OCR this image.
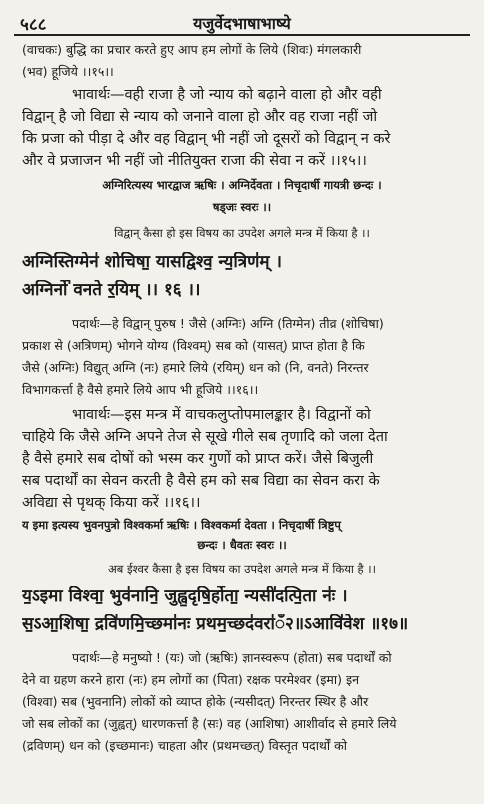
५८८	यजुर्वेदभाषाभाष्ये
(वाचकः) बुद्धि का प्रचार करते हुए आप हम लोगों के लिये (शिवः) मंगलकारी
(भव) हूजिये ।।१५।।
भावार्थः—वही राजा है जो न्याय को बढ़ाने वाला हो और वही
विद्वान् है जो विद्या से न्याय को जनाने वाला हो और वह राजा नहीं जो
कि प्रजा को पीड़ा दे और वह विद्वान् भी नहीं जो दूसरों को विद्वान् न करे
और वे प्रजाजन भी नहीं जो नीतियुक्त राजा की सेवा न करें ।।१५।।
अग्निरित्यस्य भारद्वाज ऋषिः । अग्निर्देवता । निचृदार्षी गायत्री छन्दः ।
षड्जः स्वरः ।।
विद्वान् कैसा हो इस विषय का उपदेश अगले मन्त्र में किया है ।।
अग्निस्तिग्मेन॑ शोचिषा॒ यासद्विश्व॒ न्य॒त्रिण॑म् ।
अग्निर्नो॑ वनते र॒यिम् ।। १६ ।।
पदार्थः—हे विद्वान् पुरुष ! जैसे (अग्निः) अग्नि (तिग्मेन) तीव्र (शोचिषा)
प्रकाश से (अत्रिणम्) भोगने योग्य (विश्वम्) सब को (यासत्) प्राप्त होता है कि
जैसे (अग्निः) विद्युत् अग्नि (नः) हमारे लिये (रयिम्) धन को (नि, वनते) निरन्तर
विभागकर्त्ता है वैसे हमारे लिये आप भी हूजिये ।।१६।।
भावार्थः—इस मन्त्र में वाचकलुप्तोपमालङ्कार है। विद्वानों को
चाहिये कि जैसे अग्नि अपने तेज से सूखे गीले सब तृणादि को जला देता
है वैसे हमारे सब दोषों को भस्म कर गुणों को प्राप्त करें। जैसे बिजुली
सब पदार्थों का सेवन करती है वैसे हम को सब विद्या का सेवन करा के
अविद्या से पृथक् किया करें ।।१६।।
य इमा इत्यस्य भुवनपुत्रो विश्वकर्मा ऋषिः । विश्वकर्मा देवता । निचृदार्षी त्रिष्टुप्
छन्दः । धैवतः स्वरः ।।
अब ईश्वर कैसा है इस विषय का उपदेश अगले मन्त्र में किया है ।।
य॒ऽइमा विश्वा॒ भुव॑नानि॒ जुह्व॒दृषि॒र्होता॒ न्यसी॑दत्पि॒ता नः॑ ।
स॒ऽआ॒शिषा॒ द्रवि॑णमि॒च्छमा॑नः प्रथम॒च्छद॑वरा॑ँ२॥ऽआवि॑वेश ॥१७॥
पदार्थः—हे मनुष्यो ! (यः) जो (ऋषिः) ज्ञानस्वरूप (होता) सब पदार्थों को
देने वा ग्रहण करने हारा (नः) हम लोगों का (पिता) रक्षक परमेश्वर (इमा) इन
(विश्वा) सब (भुवनानि) लोकों को व्याप्त होके (न्यसीदत्) निरन्तर स्थिर है और
जो सब लोकों का (जुह्वत्) धारणकर्त्ता है (सः) वह (आशिषा) आशीर्वाद से हमारे लिये
(द्रविणम्) धन को (इच्छमानः) चाहता और (प्रथमच्छत्) विस्तृत पदार्थों को
